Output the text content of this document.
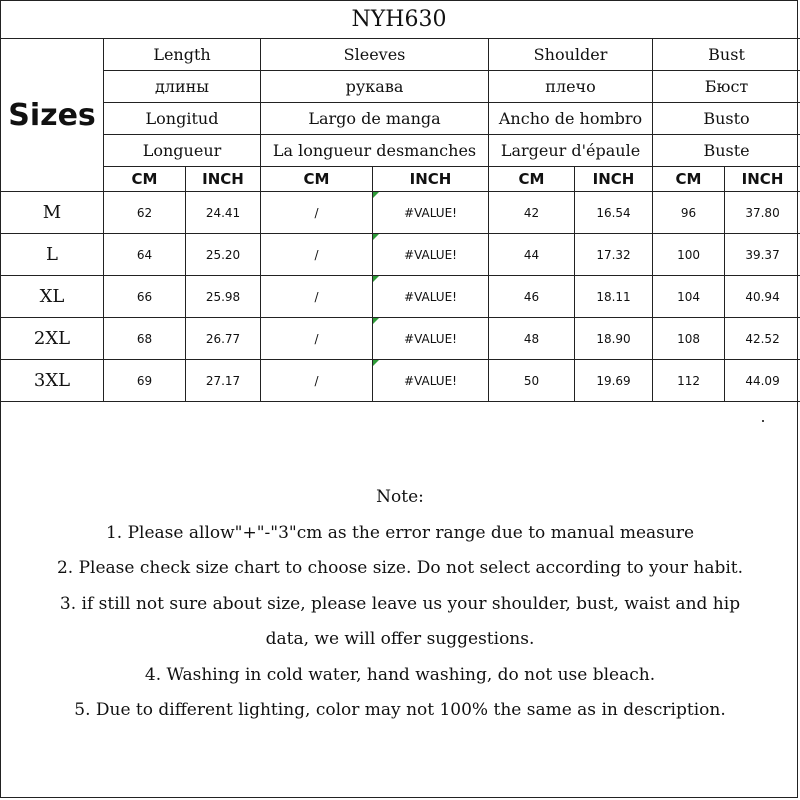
NYH630
Sizes	Length		Sleeves		Shoulder		Bust	
	длины		рукава		плечо		Бюст	
	Longitud		Largo de manga		Ancho de hombro		Busto	
	Longueur		La longueur desmanches		Largeur d'épaule		Buste	
	CM	INCH	CM	INCH	CM	INCH	CM	INCH
M	62	24.41	/	#VALUE!	42	16.54	96	37.80
L	64	25.20	/	#VALUE!	44	17.32	100	39.37
XL	66	25.98	/	#VALUE!	46	18.11	104	40.94
2XL	68	26.77	/	#VALUE!	48	18.90	108	42.52
3XL	69	27.17	/	#VALUE!	50	19.69	112	44.09
Note:
1. Please allow"+"-"3"cm as the error range due to manual measure
2. Please check size chart to choose size. Do not select according to your habit.
3. if still not sure about size, please leave us your shoulder, bust, waist and hip
data, we will offer suggestions.
4. Washing in cold water, hand washing, do not use bleach.
5. Due to different lighting, color may not 100% the same as in description.
